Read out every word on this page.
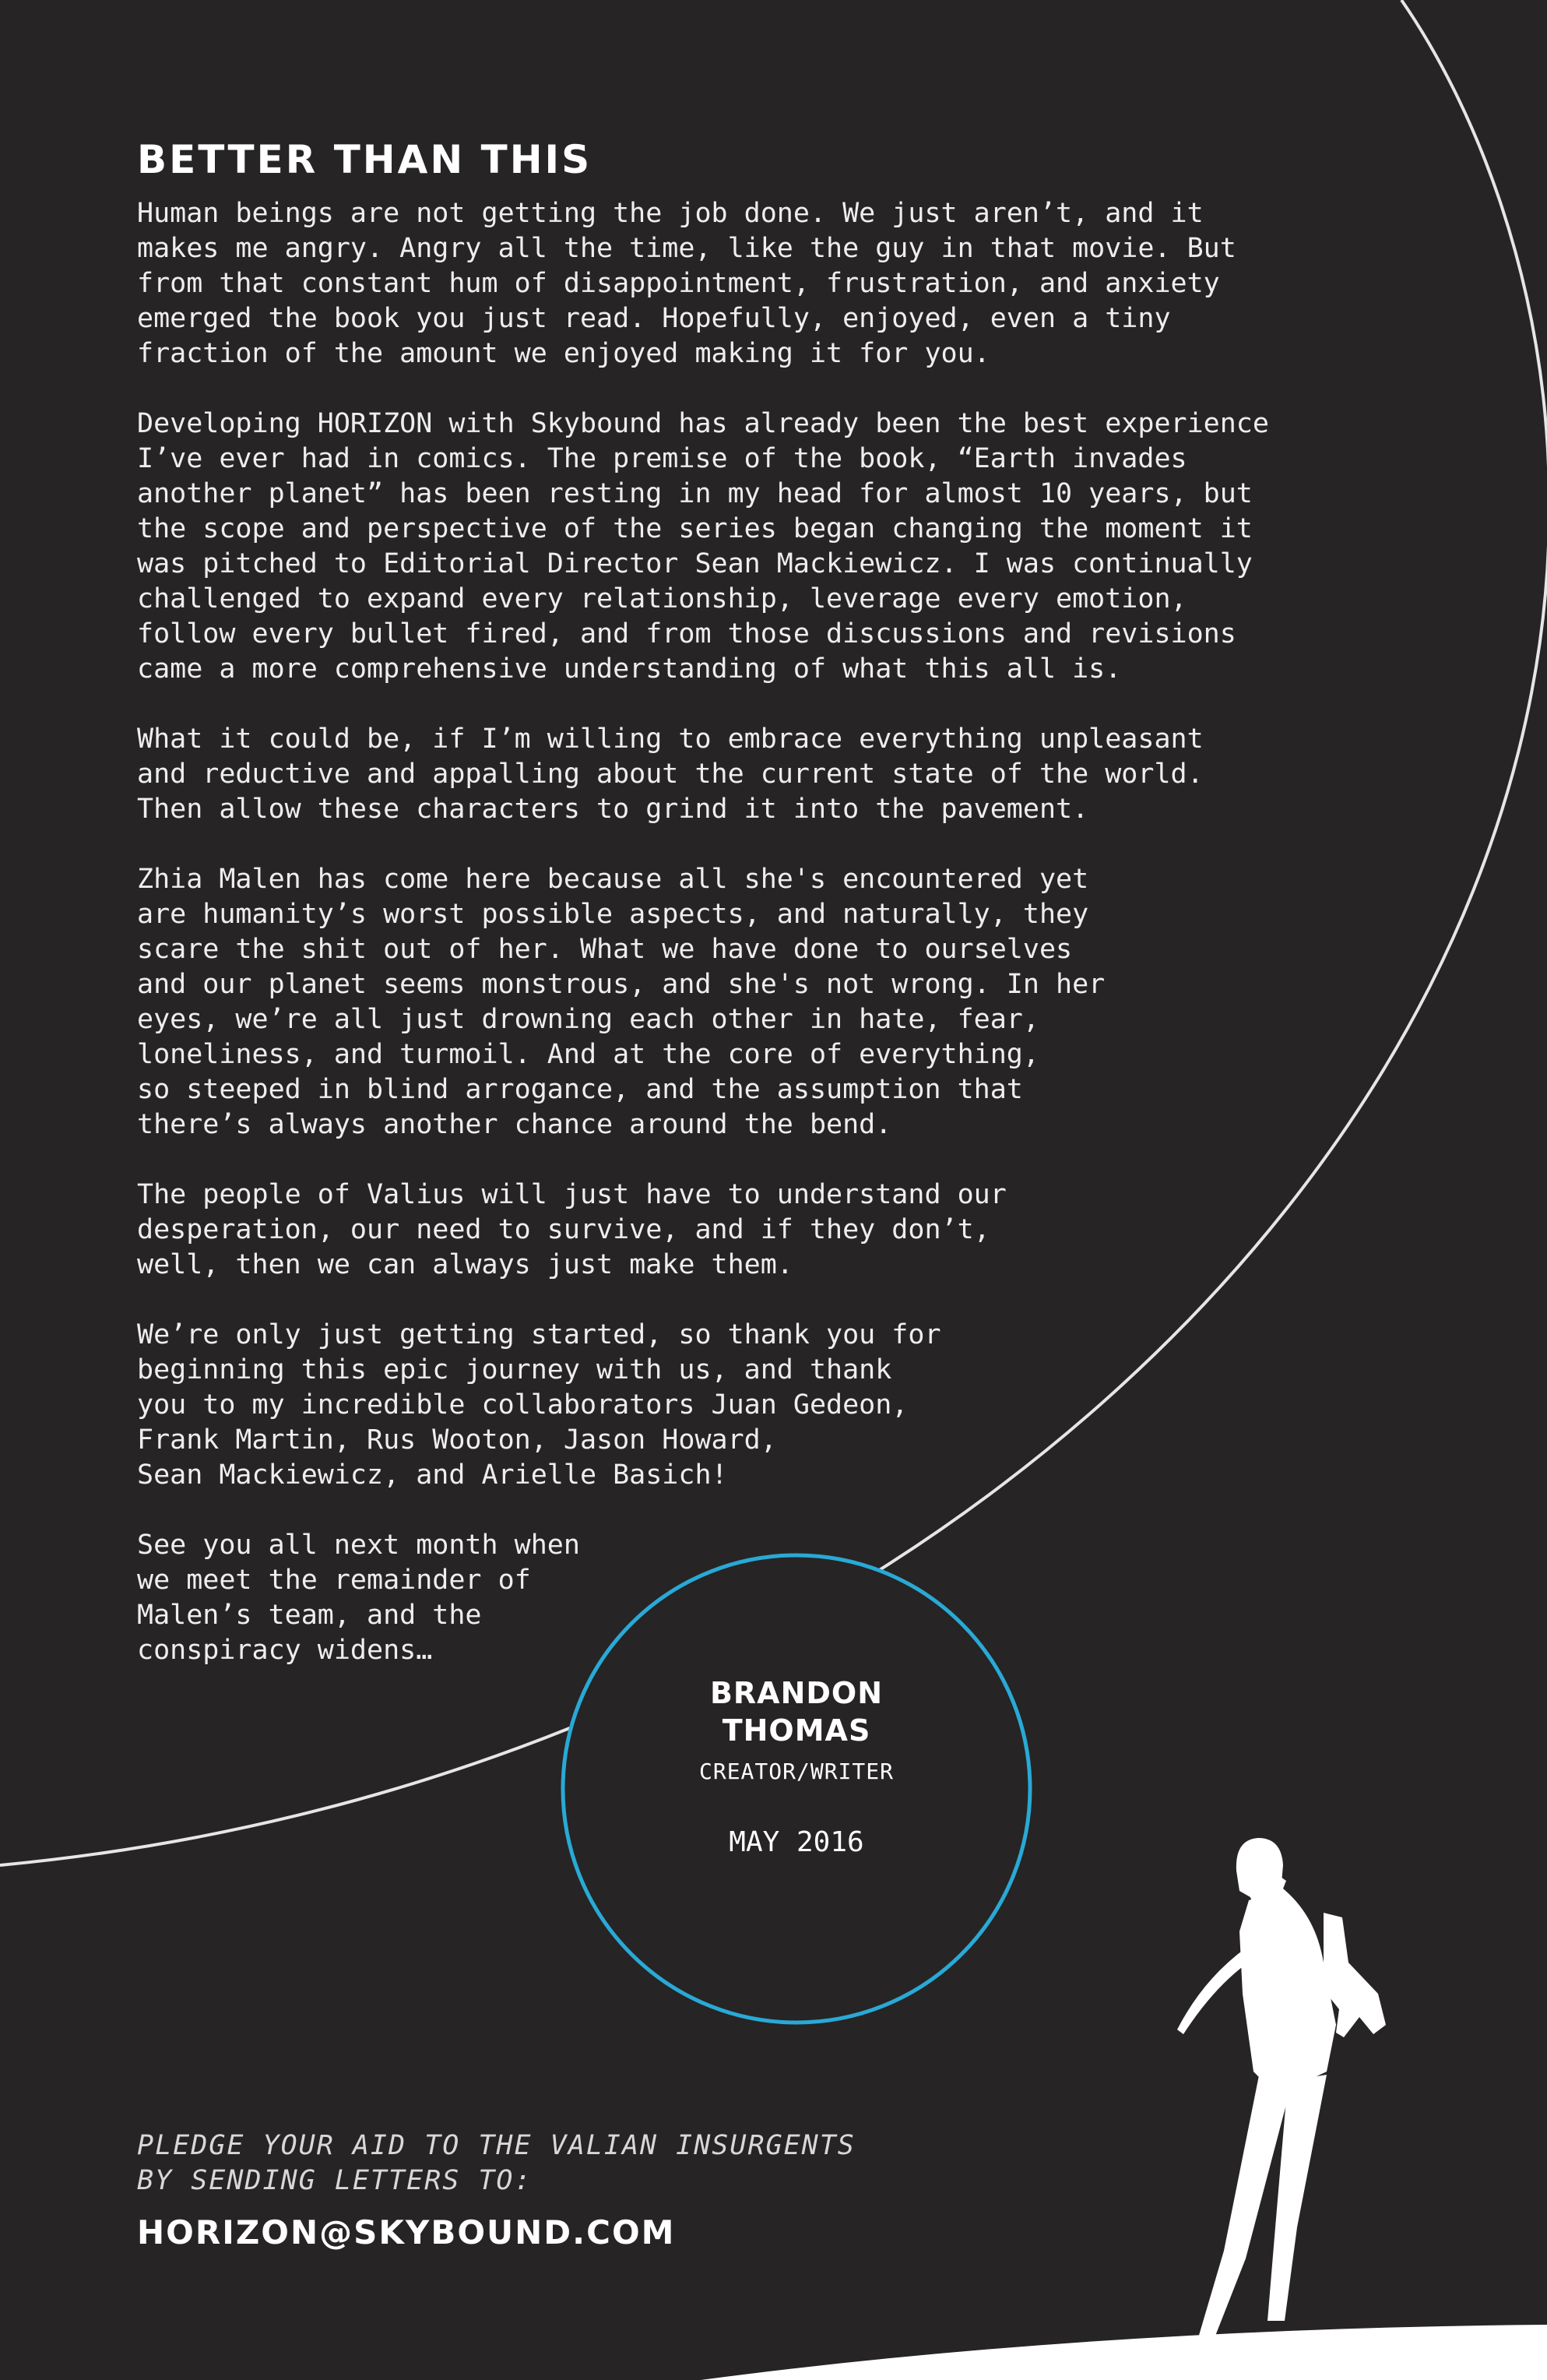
BETTER THAN THIS

Human beings are not getting the job done. We just aren’t, and it
makes me angry. Angry all the time, like the guy in that movie. But
from that constant hum of disappointment, frustration, and anxiety
emerged the book you just read. Hopefully, enjoyed, even a tiny
fraction of the amount we enjoyed making it for you.

Developing HORIZON with Skybound has already been the best experience
I’ve ever had in comics. The premise of the book, “Earth invades
another planet” has been resting in my head for almost 10 years, but
the scope and perspective of the series began changing the moment it
was pitched to Editorial Director Sean Mackiewicz. I was continually
challenged to expand every relationship, leverage every emotion,
follow every bullet fired, and from those discussions and revisions
came a more comprehensive understanding of what this all is.

What it could be, if I’m willing to embrace everything unpleasant
and reductive and appalling about the current state of the world.
Then allow these characters to grind it into the pavement.

Zhia Malen has come here because all she's encountered yet
are humanity’s worst possible aspects, and naturally, they
scare the shit out of her. What we have done to ourselves
and our planet seems monstrous, and she's not wrong. In her
eyes, we’re all just drowning each other in hate, fear,
loneliness, and turmoil. And at the core of everything,
so steeped in blind arrogance, and the assumption that
there’s always another chance around the bend.

The people of Valius will just have to understand our
desperation, our need to survive, and if they don’t,
well, then we can always just make them.

We’re only just getting started, so thank you for
beginning this epic journey with us, and thank
you to my incredible collaborators Juan Gedeon,
Frank Martin, Rus Wooton, Jason Howard,
Sean Mackiewicz, and Arielle Basich!

See you all next month when
we meet the remainder of
Malen’s team, and the
conspiracy widens…

BRANDON THOMAS

CREATOR/WRITER

MAY 2016

PLEDGE YOUR AID TO THE VALIAN INSURGENTS
BY SENDING LETTERS TO:

HORIZON@SKYBOUND.COM
